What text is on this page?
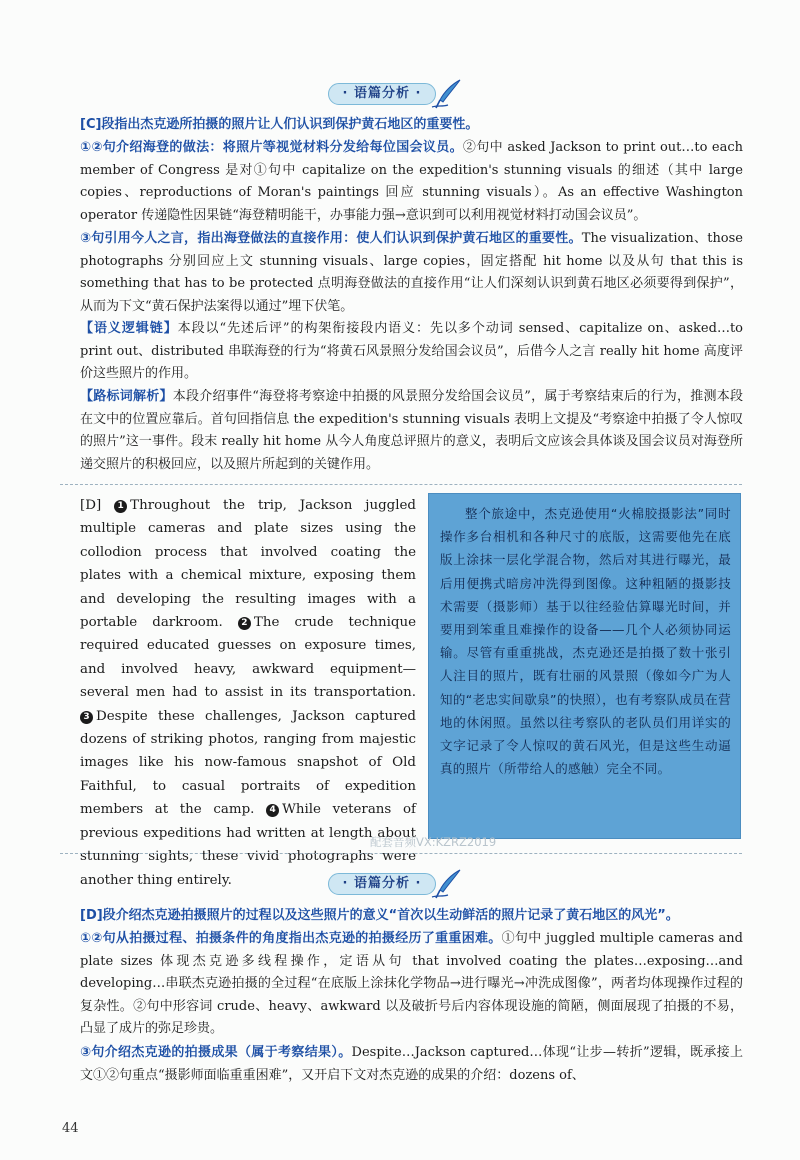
· 语篇分析 ·
[C]段指出杰克逊所拍摄的照片让人们认识到保护黄石地区的重要性。
①②句介绍海登的做法：将照片等视觉材料分发给每位国会议员。②句中 asked Jackson to print out…to each member of Congress 是对①句中 capitalize on the expedition's stunning visuals 的细述（其中 large copies、reproductions of Moran's paintings 回应 stunning visuals）。As an effective Washington operator 传递隐性因果链“海登精明能干，办事能力强→意识到可以利用视觉材料打动国会议员”。
③句引用今人之言，指出海登做法的直接作用：使人们认识到保护黄石地区的重要性。The visualization、those photographs 分别回应上文 stunning visuals、large copies，固定搭配 hit home 以及从句 that this is something that has to be protected 点明海登做法的直接作用“让人们深刻认识到黄石地区必须要得到保护”，从而为下文“黄石保护法案得以通过”埋下伏笔。
【语义逻辑链】本段以“先述后评”的构架衔接段内语义：先以多个动词 sensed、capitalize on、asked…to print out、distributed 串联海登的行为“将黄石风景照分发给国会议员”，后借今人之言 really hit home 高度评价这些照片的作用。
【路标词解析】本段介绍事件“海登将考察途中拍摄的风景照分发给国会议员”，属于考察结束后的行为，推测本段在文中的位置应靠后。首句回指信息 the expedition's stunning visuals 表明上文提及“考察途中拍摄了令人惊叹的照片”这一事件。段末 really hit home 从今人角度总评照片的意义，表明后文应该会具体谈及国会议员对海登所递交照片的积极回应，以及照片所起到的关键作用。
[D] 1 Throughout the trip, Jackson juggled multiple cameras and plate sizes using the collodion process that involved coating the plates with a chemical mixture, exposing them and developing the resulting images with a portable darkroom. 2 The crude technique required educated guesses on exposure times, and involved heavy, awkward equipment—several men had to assist in its transportation. 3 Despite these challenges, Jackson captured dozens of striking photos, ranging from majestic images like his now-famous snapshot of Old Faithful, to casual portraits of expedition members at the camp. 4 While veterans of previous expeditions had written at length about stunning sights, these vivid photographs were another thing entirely.
整个旅途中，杰克逊使用“火棉胶摄影法”同时操作多台相机和各种尺寸的底版，这需要他先在底版上涂抹一层化学混合物，然后对其进行曝光，最后用便携式暗房冲洗得到图像。这种粗陋的摄影技术需要（摄影师）基于以往经验估算曝光时间，并要用到笨重且难操作的设备——几个人必须协同运输。尽管有重重挑战，杰克逊还是拍摄了数十张引人注目的照片，既有壮丽的风景照（像如今广为人知的“老忠实间歇泉”的快照），也有考察队成员在营地的休闲照。虽然以往考察队的老队员们用详实的文字记录了令人惊叹的黄石风光，但是这些生动逼真的照片（所带给人的感触）完全不同。
配套音频VX:KZRZ2019
· 语篇分析 ·
[D]段介绍杰克逊拍摄照片的过程以及这些照片的意义“首次以生动鲜活的照片记录了黄石地区的风光”。
①②句从拍摄过程、拍摄条件的角度指出杰克逊的拍摄经历了重重困难。①句中 juggled multiple cameras and plate sizes 体现杰克逊多线程操作，定语从句 that involved coating the plates…exposing…and developing…串联杰克逊拍摄的全过程“在底版上涂抹化学物品→进行曝光→冲洗成图像”，两者均体现操作过程的复杂性。②句中形容词 crude、heavy、awkward 以及破折号后内容体现设施的简陋，侧面展现了拍摄的不易，凸显了成片的弥足珍贵。
③句介绍杰克逊的拍摄成果（属于考察结果）。Despite…Jackson captured…体现“让步—转折”逻辑，既承接上文①②句重点“摄影师面临重重困难”，又开启下文对杰克逊的成果的介绍：dozens of、
44
